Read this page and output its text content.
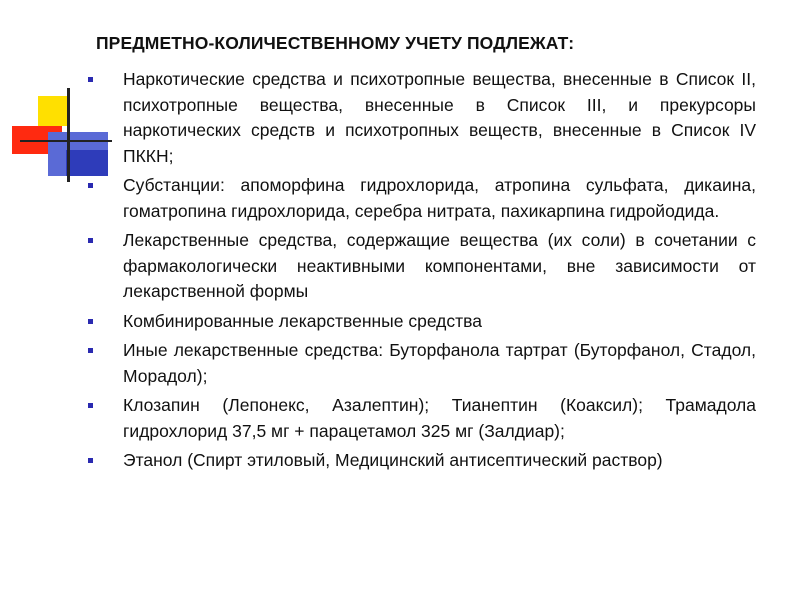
ПРЕДМЕТНО-КОЛИЧЕСТВЕННОМУ УЧЕТУ ПОДЛЕЖАТ:
Наркотические средства и психотропные вещества, внесенные в Список II, психотропные вещества, внесенные в Список III, и прекурсоры наркотических средств и психотропных веществ, внесенные в Список IV ПККН;
Субстанции: апоморфина гидрохлорида, атропина сульфата, дикаина, гоматропина гидрохлорида, серебра нитрата, пахикарпина гидройодида.
Лекарственные средства, содержащие вещества (их соли) в сочетании с фармакологически неактивными компонентами, вне зависимости от лекарственной формы
Комбинированные лекарственные средства
Иные лекарственные средства: Буторфанола тартрат (Буторфанол, Стадол, Морадол);
Клозапин (Лепонекс, Азалептин); Тианептин (Коаксил); Трамадола гидрохлорид 37,5 мг + парацетамол 325 мг (Залдиар);
Этанол (Спирт этиловый, Медицинский антисептический раствор)
